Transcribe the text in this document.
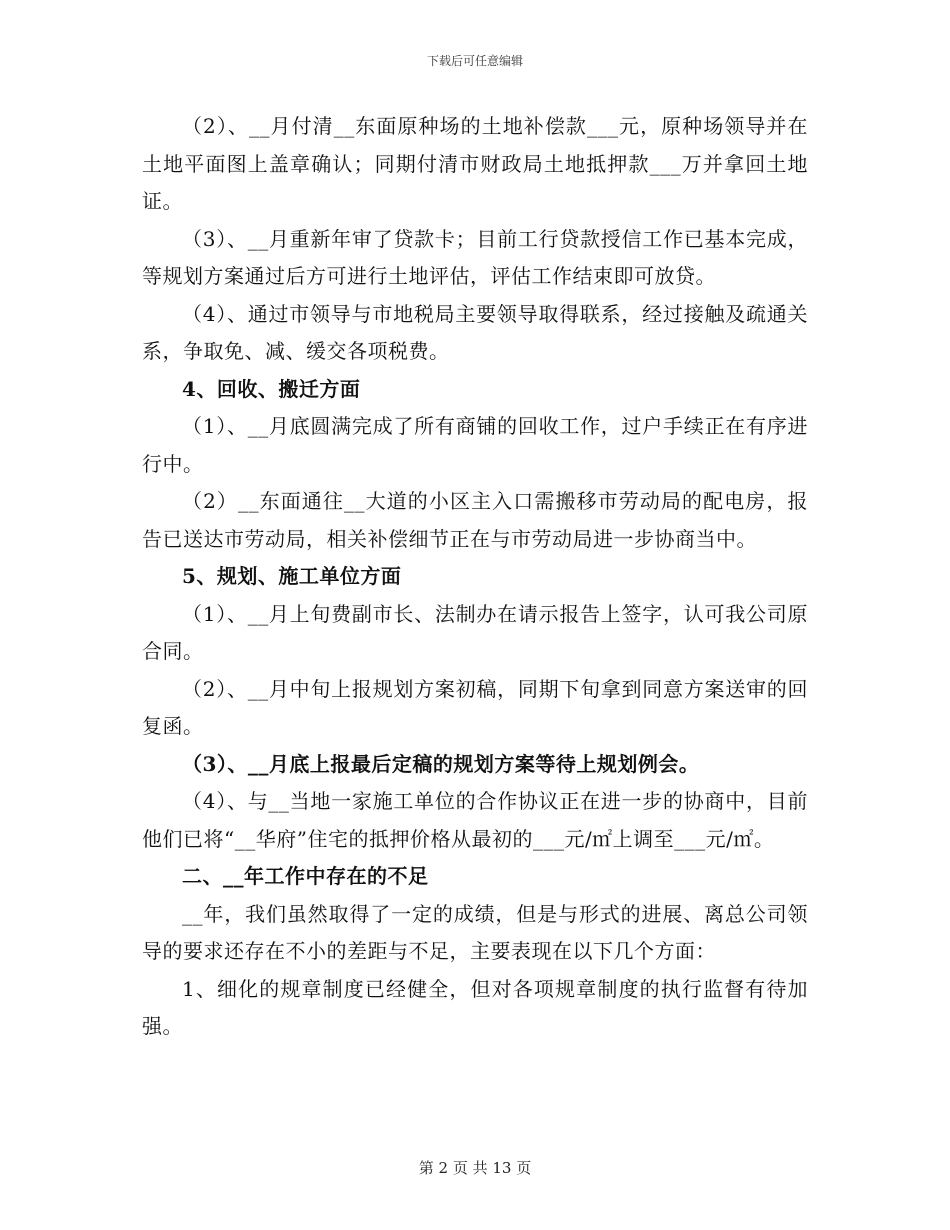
下载后可任意编辑

（2）、__月付清__东面原种场的土地补偿款___元，原种场领导并在土地平面图上盖章确认；同期付清市财政局土地抵押款___万并拿回土地证。

（3）、__月重新年审了贷款卡；目前工行贷款授信工作已基本完成，等规划方案通过后方可进行土地评估，评估工作结束即可放贷。

（4）、通过市领导与市地税局主要领导取得联系，经过接触及疏通关系，争取免、减、缓交各项税费。

4、回收、搬迁方面

（1）、__月底圆满完成了所有商铺的回收工作，过户手续正在有序进行中。

（2）__东面通往__大道的小区主入口需搬移市劳动局的配电房，报告已送达市劳动局，相关补偿细节正在与市劳动局进一步协商当中。

5、规划、施工单位方面

（1）、__月上旬费副市长、法制办在请示报告上签字，认可我公司原合同。

（2）、__月中旬上报规划方案初稿，同期下旬拿到同意方案送审的回复函。

（3）、__月底上报最后定稿的规划方案等待上规划例会。

（4）、与__当地一家施工单位的合作协议正在进一步的协商中，目前他们已将“__华府”住宅的抵押价格从最初的___元/㎡上调至___元/㎡。

二、__年工作中存在的不足

__年，我们虽然取得了一定的成绩，但是与形式的进展、离总公司领导的要求还存在不小的差距与不足，主要表现在以下几个方面：

1、细化的规章制度已经健全，但对各项规章制度的执行监督有待加强。

第 2 页 共 13 页
